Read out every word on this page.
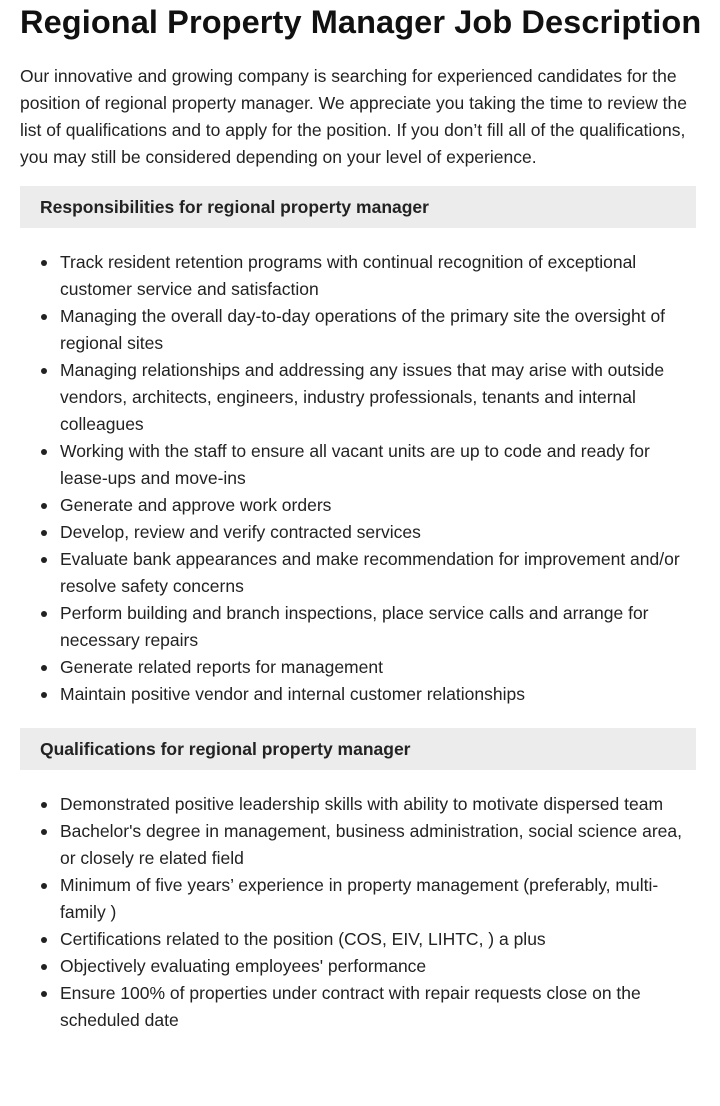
Regional Property Manager Job Description

Our innovative and growing company is searching for experienced candidates for the position of regional property manager. We appreciate you taking the time to review the list of qualifications and to apply for the position. If you don’t fill all of the qualifications, you may still be considered depending on your level of experience.

Responsibilities for regional property manager
Track resident retention programs with continual recognition of exceptional customer service and satisfaction
Managing the overall day-to-day operations of the primary site the oversight of regional sites
Managing relationships and addressing any issues that may arise with outside vendors, architects, engineers, industry professionals, tenants and internal colleagues
Working with the staff to ensure all vacant units are up to code and ready for lease-ups and move-ins
Generate and approve work orders
Develop, review and verify contracted services
Evaluate bank appearances and make recommendation for improvement and/or resolve safety concerns
Perform building and branch inspections, place service calls and arrange for necessary repairs
Generate related reports for management
Maintain positive vendor and internal customer relationships
Qualifications for regional property manager
Demonstrated positive leadership skills with ability to motivate dispersed team
Bachelor's degree in management, business administration, social science area, or closely re elated field
Minimum of five years’ experience in property management (preferably, multi-family )
Certifications related to the position (COS, EIV, LIHTC, ) a plus
Objectively evaluating employees' performance
Ensure 100% of properties under contract with repair requests close on the scheduled date
